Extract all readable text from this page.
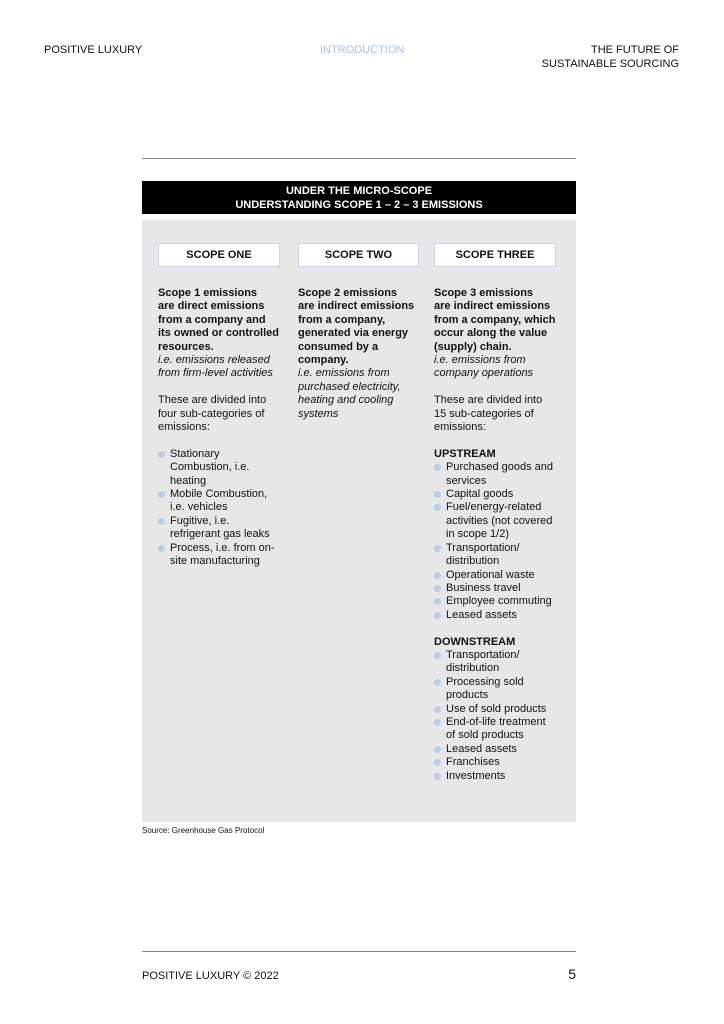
POSITIVE LUXURY	INTRODUCTION	THE FUTURE OF
SUSTAINABLE SOURCING
UNDER THE MICRO-SCOPE
UNDERSTANDING SCOPE 1 – 2 – 3 EMISSIONS
SCOPE ONE	SCOPE TWO	SCOPE THREE
Scope 1 emissions
are direct emissions
from a company and
its owned or controlled
resources.
i.e. emissions released
from firm-level activities
These are divided into
four sub-categories of
emissions:
Stationary
Combustion, i.e.
heating
Mobile Combustion,
i.e. vehicles
Fugitive, i.e.
refrigerant gas leaks
Process, i.e. from on-
site manufacturing
Scope 2 emissions
are indirect emissions
from a company,
generated via energy
consumed by a
company.
i.e. emissions from
purchased electricity,
heating and cooling
systems
Scope 3 emissions
are indirect emissions
from a company, which
occur along the value
(supply) chain.
i.e. emissions from
company operations
These are divided into
15 sub-categories of
emissions:
UPSTREAM
Purchased goods and
services
Capital goods
Fuel/energy-related
activities (not covered
in scope 1/2)
Transportation/
distribution
Operational waste
Business travel
Employee commuting
Leased assets
DOWNSTREAM
Transportation/
distribution
Processing sold
products
Use of sold products
End-of-life treatment
of sold products
Leased assets
Franchises
Investments
Source: Greenhouse Gas Protocol
POSITIVE LUXURY © 2022	5
